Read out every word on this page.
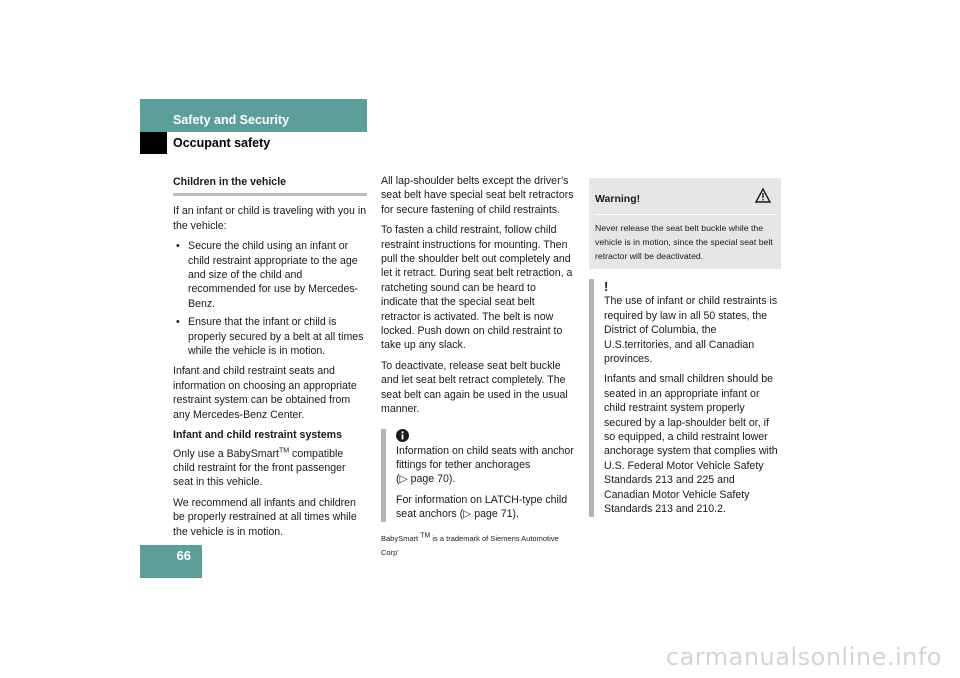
Safety and Security
Occupant safety
Children in the vehicle

If an infant or child is traveling with you in the vehicle:

• Secure the child using an infant or child restraint appropriate to the age and size of the child and recommended for use by Mercedes-Benz.
• Ensure that the infant or child is properly secured by a belt at all times while the vehicle is in motion.

Infant and child restraint seats and information on choosing an appropriate restraint system can be obtained from any Mercedes-Benz Center.

Infant and child restraint systems

Only use a BabySmart™ compatible child restraint for the front passenger seat in this vehicle.

We recommend all infants and children be properly restrained at all times while the vehicle is in motion.

All lap-shoulder belts except the driver’s seat belt have special seat belt retractors for secure fastening of child restraints.

To fasten a child restraint, follow child restraint instructions for mounting. Then pull the shoulder belt out completely and let it retract. During seat belt retraction, a ratcheting sound can be heard to indicate that the special seat belt retractor is activated. The belt is now locked. Push down on child restraint to take up any slack.

To deactivate, release seat belt buckle and let seat belt retract completely. The seat belt can again be used in the usual manner.

Information on child seats with anchor fittings for tether anchorages

(▷ page 70).

For information on LATCH-type child seat anchors (▷ page 71).

BabySmart ™ is a trademark of Siemens Automotive Corp'
Warning!
Never release the seat belt buckle while the vehicle is in motion, since the special seat belt retractor will be deactivated.
!

The use of infant or child restraints is required by law in all 50 states, the District of Columbia, the U.S.territories, and all Canadian provinces.

Infants and small children should be seated in an appropriate infant or child restraint system properly secured by a lap-shoulder belt or, if so equipped, a child restraint lower anchorage system that complies with U.S. Federal Motor Vehicle Safety Standards 213 and 225 and Canadian Motor Vehicle Safety Standards 213 and 210.2.

66
carmanualsonline.info
